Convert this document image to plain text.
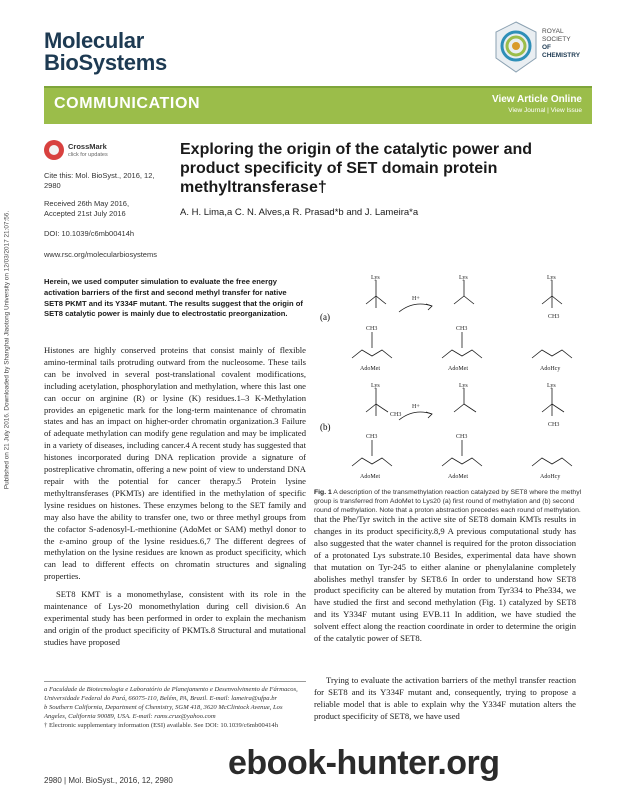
Molecular
BioSystems
ROYAL SOCIETY
OF CHEMISTRY
COMMUNICATION	View Article Online
View Journal | View Issue
Published on 21 July 2016. Downloaded by Shanghai Jiaotong University on 12/03/2017 21:07:56.
CrossMark
click for updates
Cite this: Mol. BioSyst., 2016, 12, 2980
Received 26th May 2016,
Accepted 21st July 2016
DOI: 10.1039/c6mb00414h
www.rsc.org/molecularbiosystems
Exploring the origin of the catalytic power and product specificity of SET domain protein methyltransferase†
A. H. Lima,a C. N. Alves,a R. Prasad*b and J. Lameira*a
Herein, we used computer simulation to evaluate the free energy activation barriers of the first and second methyl transfer for native SET8 PKMT and its Y334F mutant. The results suggest that the origin of SET8 catalytic power is mainly due to electrostatic preorganization.
Histones are highly conserved proteins that consist mainly of flexible amino-terminal tails protruding outward from the nucleosome. These tails can be involved in several post-translational covalent modifications, including acetylation, phosphorylation and methylation, where this last one can occur on arginine (R) or lysine (K) residues.1–3 K-Methylation provides an epigenetic mark for the long-term maintenance of chromatin states and has an impact on higher-order chromatin organization.3 Failure of adequate methylation can modify gene regulation and may be implicated in a variety of diseases, including cancer.4 A recent study has suggested that histones incorporated during DNA replication provide a signature of postreplicative chromatin, offering a new point of view to understand DNA repair with the potential for cancer therapy.5 Protein lysine methyltransferases (PKMTs) are identified in the methylation of specific lysine residues on histones. These enzymes belong to the SET family and may also have the ability to transfer one, two or three methyl groups from the cofactor S-adenosyl-L-methionine (AdoMet or SAM) methyl donor to the ε-amino group of the lysine residues.6,7 The different degrees of methylation on the lysine residues are known as product specificity, which can lead to different effects on chromatin structures and signaling properties.
SET8 KMT is a monomethylase, consistent with its role in the maintenance of Lys-20 monomethylation during cell division.6 An experimental study has been performed in order to explain the mechanism and origin of the product specificity of PKMTs.8 Structural and mutational studies have proposed
(a)
Lys	Lys	Lys
H+
CH3	CH3
CH3
AdoMet	AdoMet	AdoHcy
(b)
Lys	Lys	Lys
H+
CH3
CH3	CH3
CH3
AdoMet	AdoMet	AdoHcy
Fig. 1 A description of the transmethylation reaction catalyzed by SET8 where the methyl group is transferred from AdoMet to Lys20 (a) first round of methylation and (b) second round of methylation. Note that a proton abstraction precedes each round of methylation.
that the Phe/Tyr switch in the active site of SET8 domain KMTs results in changes in its product specificity.8,9 A previous computational study has also suggested that the water channel is required for the proton dissociation of a protonated Lys substrate.10 Besides, experimental data have shown that mutation on Tyr-245 to either alanine or phenylalanine completely abolishes methyl transfer by SET8.6 In order to understand how SET8 product specificity can be altered by mutation from Tyr334 to Phe334, we have studied the first and second methylation (Fig. 1) catalyzed by SET8 and its Y334F mutant using EVB.11 In addition, we have studied the solvent effect along the reaction coordinate in order to determine the origin of the catalytic power of SET8.
Trying to evaluate the activation barriers of the methyl transfer reaction for SET8 and its Y334F mutant and, consequently, trying to propose a reliable model that is able to explain why the Y334F mutation alters the product specificity of SET8, we have used
a Faculdade de Biotecnologia e Laboratório de Planejamento e Desenvolvimento de Fármacos, Universidade Federal do Pará, 66075-110, Belém, PA, Brazil. E-mail: lameira@ufpa.br
b Southern California, Department of Chemistry, SGM 418, 3620 McClintock Avenue, Los Angeles, California 90089, USA. E-mail: rams.crux@yahoo.com
† Electronic supplementary information (ESI) available. See DOI: 10.1039/c6mb00414h
2980 | Mol. BioSyst., 2016, 12, 2980 ebook-hunter.org
